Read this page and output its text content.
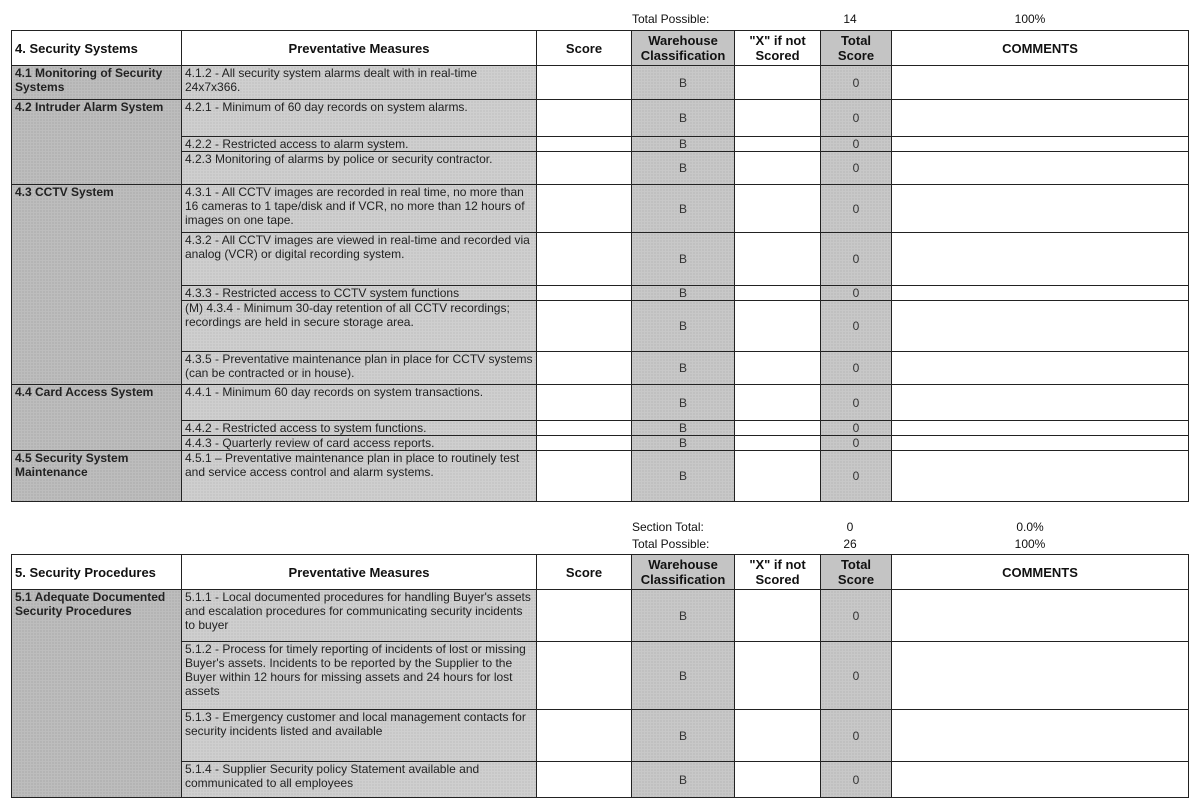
Total Possible:	14	100%
4. Security Systems	Preventative Measures	Score	Warehouse Classification	"X" if not Scored	Total Score	COMMENTS
4.1 Monitoring of Security Systems	4.1.2 - All security system alarms dealt with in real-time 24x7x366.		B		0	
4.2 Intruder Alarm System	4.2.1 - Minimum of 60 day records on system alarms.		B		0	
	4.2.2 - Restricted access to alarm system.		B		0	
	4.2.3 Monitoring of alarms by police or security contractor.		B		0	
4.3 CCTV System	4.3.1 - All CCTV images are recorded in real time, no more than 16 cameras to 1 tape/disk and if VCR, no more than 12 hours of images on one tape.		B		0	
	4.3.2 - All CCTV images are viewed in real-time and recorded via analog (VCR) or digital recording system.		B		0	
	4.3.3 - Restricted access to CCTV system functions		B		0	
	(M) 4.3.4 - Minimum 30-day retention of all CCTV recordings; recordings are held in secure storage area.		B		0	
	4.3.5 - Preventative maintenance plan in place for CCTV systems (can be contracted or in house).		B		0	
4.4 Card Access System	4.4.1 - Minimum 60 day records on system transactions.		B		0	
	4.4.2 - Restricted access to system functions.		B		0	
	4.4.3 - Quarterly review of card access reports.		B		0	
4.5 Security System Maintenance	4.5.1 – Preventative maintenance plan in place to routinely test and service access control and alarm systems.		B		0	
Section Total:	0	0.0%
Total Possible:	26	100%
5. Security Procedures	Preventative Measures	Score	Warehouse Classification	"X" if not Scored	Total Score	COMMENTS
5.1 Adequate Documented Security Procedures	5.1.1 - Local documented procedures for handling Buyer's assets and escalation procedures for communicating security incidents to buyer		B		0	
	5.1.2 - Process for timely reporting of incidents of lost or missing Buyer's assets. Incidents to be reported by the Supplier to the Buyer within 12 hours for missing assets and 24 hours for lost assets		B		0	
	5.1.3 - Emergency customer and local management contacts for security incidents listed and available		B		0	
	5.1.4 - Supplier Security policy Statement available and communicated to all employees		B		0	
